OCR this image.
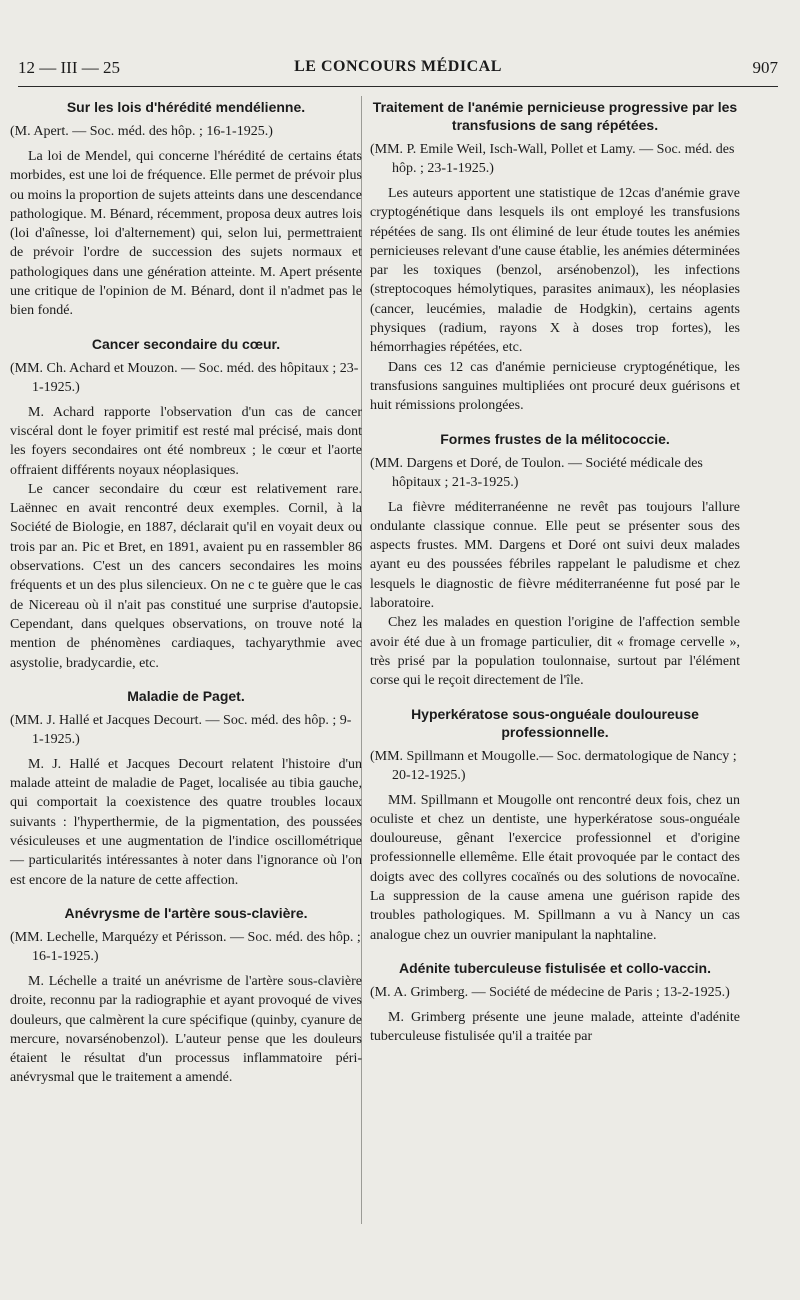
12 — III — 25	LE CONCOURS MÉDICAL	907
Sur les lois d'hérédité mendélienne.
(M. Apert. — Soc. méd. des hôp. ; 16-1-1925.)

La loi de Mendel, qui concerne l'hérédité de certains états morbides, est une loi de fréquence. Elle permet de prévoir plus ou moins la proportion de sujets atteints dans une descendance pathologique. M. Bénard, récemment, proposa deux autres lois (loi d'aînesse, loi d'alternement) qui, selon lui, permettraient de prévoir l'ordre de succession des sujets normaux et pathologiques dans une génération atteinte. M. Apert présente une critique de l'opinion de M. Bénard, dont il n'admet pas le bien fondé.

Cancer secondaire du cœur.
(MM. Ch. Achard et Mouzon. — Soc. méd. des hôpitaux ; 23-1-1925.)

M. Achard rapporte l'observation d'un cas de cancer viscéral dont le foyer primitif est resté mal précisé, mais dont les foyers secondaires ont été nombreux ; le cœur et l'aorte offraient différents noyaux néoplasiques.

Le cancer secondaire du cœur est relativement rare. Laënnec en avait rencontré deux exemples. Cornil, à la Société de Biologie, en 1887, déclarait qu'il en voyait deux ou trois par an. Pic et Bret, en 1891, avaient pu en rassembler 86 observations. C'est un des cancers secondaires les moins fréquents et un des plus silencieux. On ne c te guère que le cas de Nicereau où il n'ait pas constitué une surprise d'autopsie. Cependant, dans quelques observations, on trouve noté la mention de phénomènes cardiaques, tachyarythmie avec asystolie, bradycardie, etc.

Maladie de Paget.
(MM. J. Hallé et Jacques Decourt. — Soc. méd. des hôp. ; 9-1-1925.)

M. J. Hallé et Jacques Decourt relatent l'histoire d'un malade atteint de maladie de Paget, localisée au tibia gauche, qui comportait la coexistence des quatre troubles locaux suivants : l'hyperthermie, de la pigmentation, des poussées vésiculeuses et une augmentation de l'indice oscillométrique — particularités intéressantes à noter dans l'ignorance où l'on est encore de la nature de cette affection.

Anévrysme de l'artère sous-clavière.
(MM. Lechelle, Marquézy et Périsson. — Soc. méd. des hôp. ; 16-1-1925.)

M. Léchelle a traité un anévrisme de l'artère sous-clavière droite, reconnu par la radiographie et ayant provoqué de vives douleurs, que calmèrent la cure spécifique (quinby, cyanure de mercure, novarsénobenzol). L'auteur pense que les douleurs étaient le résultat d'un processus inflammatoire péri-anévrysmal que le traitement a amendé.

Traitement de l'anémie pernicieuse progressive par les transfusions de sang répétées.
(MM. P. Emile Weil, Isch-Wall, Pollet et Lamy. — Soc. méd. des hôp. ; 23-1-1925.)

Les auteurs apportent une statistique de 12cas d'anémie grave cryptogénétique dans lesquels ils ont employé les transfusions répétées de sang. Ils ont éliminé de leur étude toutes les anémies pernicieuses relevant d'une cause établie, les anémies déterminées par les toxiques (benzol, arsénobenzol), les infections (streptocoques hémolytiques, parasites animaux), les néoplasies (cancer, leucémies, maladie de Hodgkin), certains agents physiques (radium, rayons X à doses trop fortes), les hémorrhagies répétées, etc.

Dans ces 12 cas d'anémie pernicieuse cryptogénétique, les transfusions sanguines multipliées ont procuré deux guérisons et huit rémissions prolongées.

Formes frustes de la mélitococcie.
(MM. Dargens et Doré, de Toulon. — Société médicale des hôpitaux ; 21-3-1925.)

La fièvre méditerranéenne ne revêt pas toujours l'allure ondulante classique connue. Elle peut se présenter sous des aspects frustes. MM. Dargens et Doré ont suivi deux malades ayant eu des poussées fébriles rappelant le paludisme et chez lesquels le diagnostic de fièvre méditerranéenne fut posé par le laboratoire.

Chez les malades en question l'origine de l'affection semble avoir été due à un fromage particulier, dit « fromage cervelle », très prisé par la population toulonnaise, surtout par l'élément corse qui le reçoit directement de l'île.

Hyperkératose sous-onguéale douloureuse professionnelle.
(MM. Spillmann et Mougolle.— Soc. dermatologique de Nancy ; 20-12-1925.)

MM. Spillmann et Mougolle ont rencontré deux fois, chez un oculiste et chez un dentiste, une hyperkératose sous-onguéale douloureuse, gênant l'exercice professionnel et d'origine professionnelle ellemême. Elle était provoquée par le contact des doigts avec des collyres cocaïnés ou des solutions de novocaïne. La suppression de la cause amena une guérison rapide des troubles pathologiques. M. Spillmann a vu à Nancy un cas analogue chez un ouvrier manipulant la naphtaline.

Adénite tuberculeuse fistulisée et collo-vaccin.
(M. A. Grimberg. — Société de médecine de Paris ; 13-2-1925.)

M. Grimberg présente une jeune malade, atteinte d'adénite tuberculeuse fistulisée qu'il a traitée par
